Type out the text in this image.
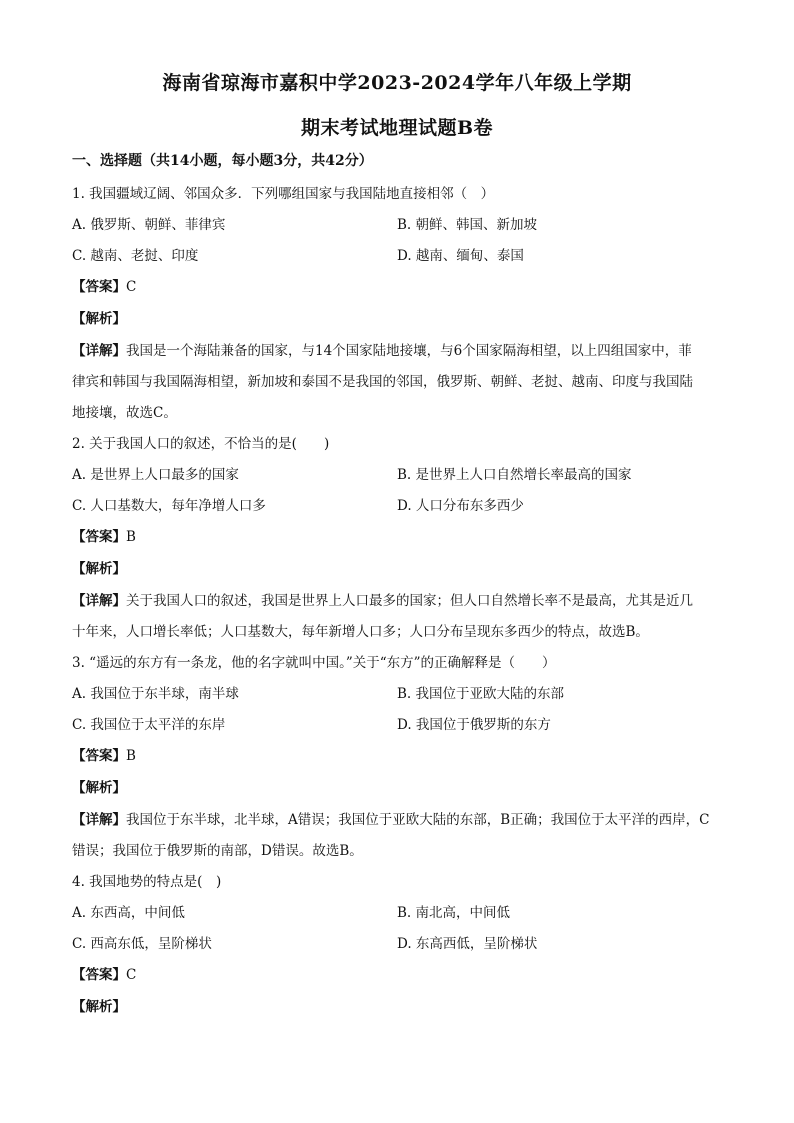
海南省琼海市嘉积中学2023-2024学年八年级上学期
期末考试地理试题B卷
一、选择题（共14小题，每小题3分，共42分）
1. 我国疆域辽阔、邻国众多．下列哪组国家与我国陆地直接相邻（　）
A. 俄罗斯、朝鲜、菲律宾	B. 朝鲜、韩国、新加坡
C. 越南、老挝、印度	D. 越南、缅甸、泰国
【答案】C
【解析】
【详解】我国是一个海陆兼备的国家，与14个国家陆地接壤，与6个国家隔海相望，以上四组国家中，菲
律宾和韩国与我国隔海相望，新加坡和泰国不是我国的邻国，俄罗斯、朝鲜、老挝、越南、印度与我国陆
地接壤，故选C。
2. 关于我国人口的叙述，不恰当的是(　　)
A. 是世界上人口最多的国家	B. 是世界上人口自然增长率最高的国家
C. 人口基数大，每年净增人口多	D. 人口分布东多西少
【答案】B
【解析】
【详解】关于我国人口的叙述，我国是世界上人口最多的国家；但人口自然增长率不是最高，尤其是近几
十年来，人口增长率低；人口基数大，每年新增人口多；人口分布呈现东多西少的特点，故选B。
3. “遥远的东方有一条龙，他的名字就叫中国。”关于“东方”的正确解释是（　　）
A. 我国位于东半球，南半球	B. 我国位于亚欧大陆的东部
C. 我国位于太平洋的东岸	D. 我国位于俄罗斯的东方
【答案】B
【解析】
【详解】我国位于东半球，北半球，A错误；我国位于亚欧大陆的东部，B正确；我国位于太平洋的西岸，C
错误；我国位于俄罗斯的南部，D错误。故选B。
4. 我国地势的特点是(　)
A. 东西高，中间低	B. 南北高，中间低
C. 西高东低，呈阶梯状	D. 东高西低，呈阶梯状
【答案】C
【解析】
